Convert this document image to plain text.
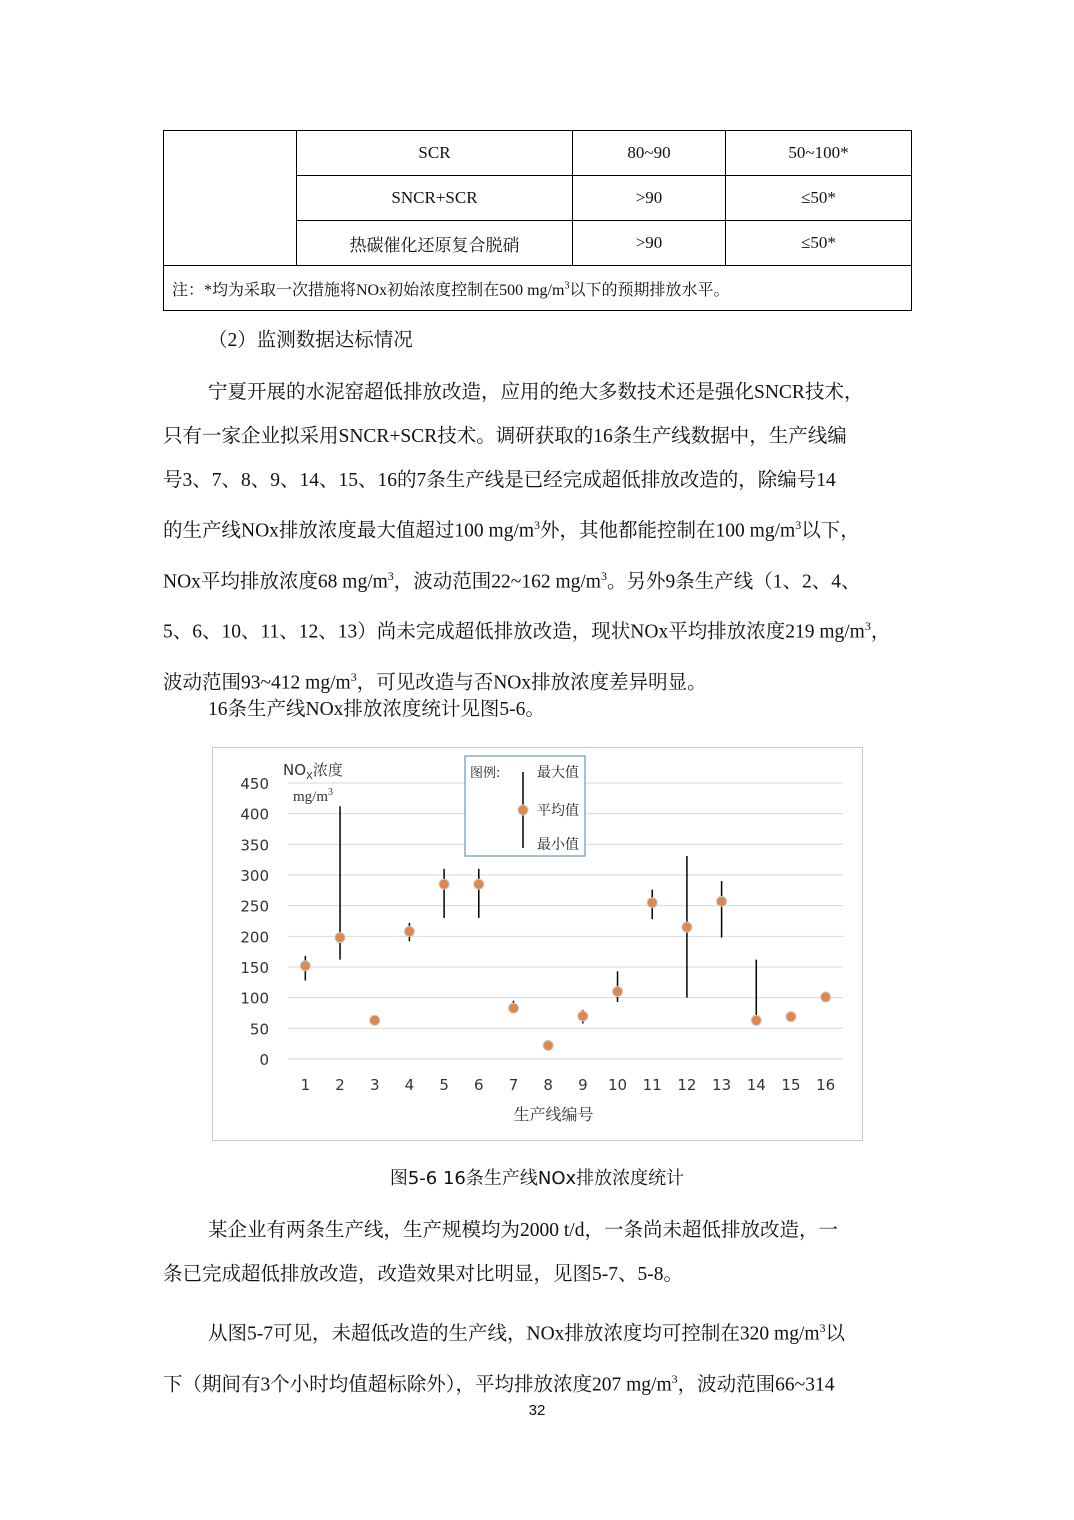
	SCR	80~90	50~100*
	SNCR+SCR	>90	≤50*
	热碳催化还原复合脱硝	>90	≤50*
注：*均为采取一次措施将NOx初始浓度控制在500 $mg/m^3$以下的预期排放水平。			
（2）监测数据达标情况
宁夏开展的水泥窑超低排放改造，应用的绝大多数技术还是强化SNCR技术，
只有一家企业拟采用SNCR+SCR技术。调研获取的16条生产线数据中，生产线编
号3、7、8、9、14、15、16的7条生产线是已经完成超低排放改造的，除编号14
的生产线NOx排放浓度最大值超过100 $mg/m^3$外，其他都能控制在100 $mg/m^3$以下，
NOx平均排放浓度68 $mg/m^3$，波动范围22~162 $mg/m^3$。另外9条生产线（1、2、4、
5、6、10、11、12、13）尚未完成超低排放改造，现状NOx平均排放浓度219 $mg/m^3$，
波动范围93~412 $mg/m^3$，可见改造与否NOx排放浓度差异明显。
16条生产线NOx排放浓度统计见图5-6。
0
50
100
150
200
250
300
350
400
450
1 2 3 4 5 6 7 8 9 10 11 12 13 14 15 16
生产线编号
$NO_X$浓度
$mg/m^3$
图例:	最大值
平均值
最小值
图5-6 16条生产线NOx排放浓度统计
某企业有两条生产线，生产规模均为2000 t/d，一条尚未超低排放改造，一
条已完成超低排放改造，改造效果对比明显，见图5-7、5-8。
从图5-7可见，未超低改造的生产线，NOx排放浓度均可控制在320 $mg/m^3$以
下（期间有3个小时均值超标除外），平均排放浓度207 $mg/m^3$，波动范围66~314
32
